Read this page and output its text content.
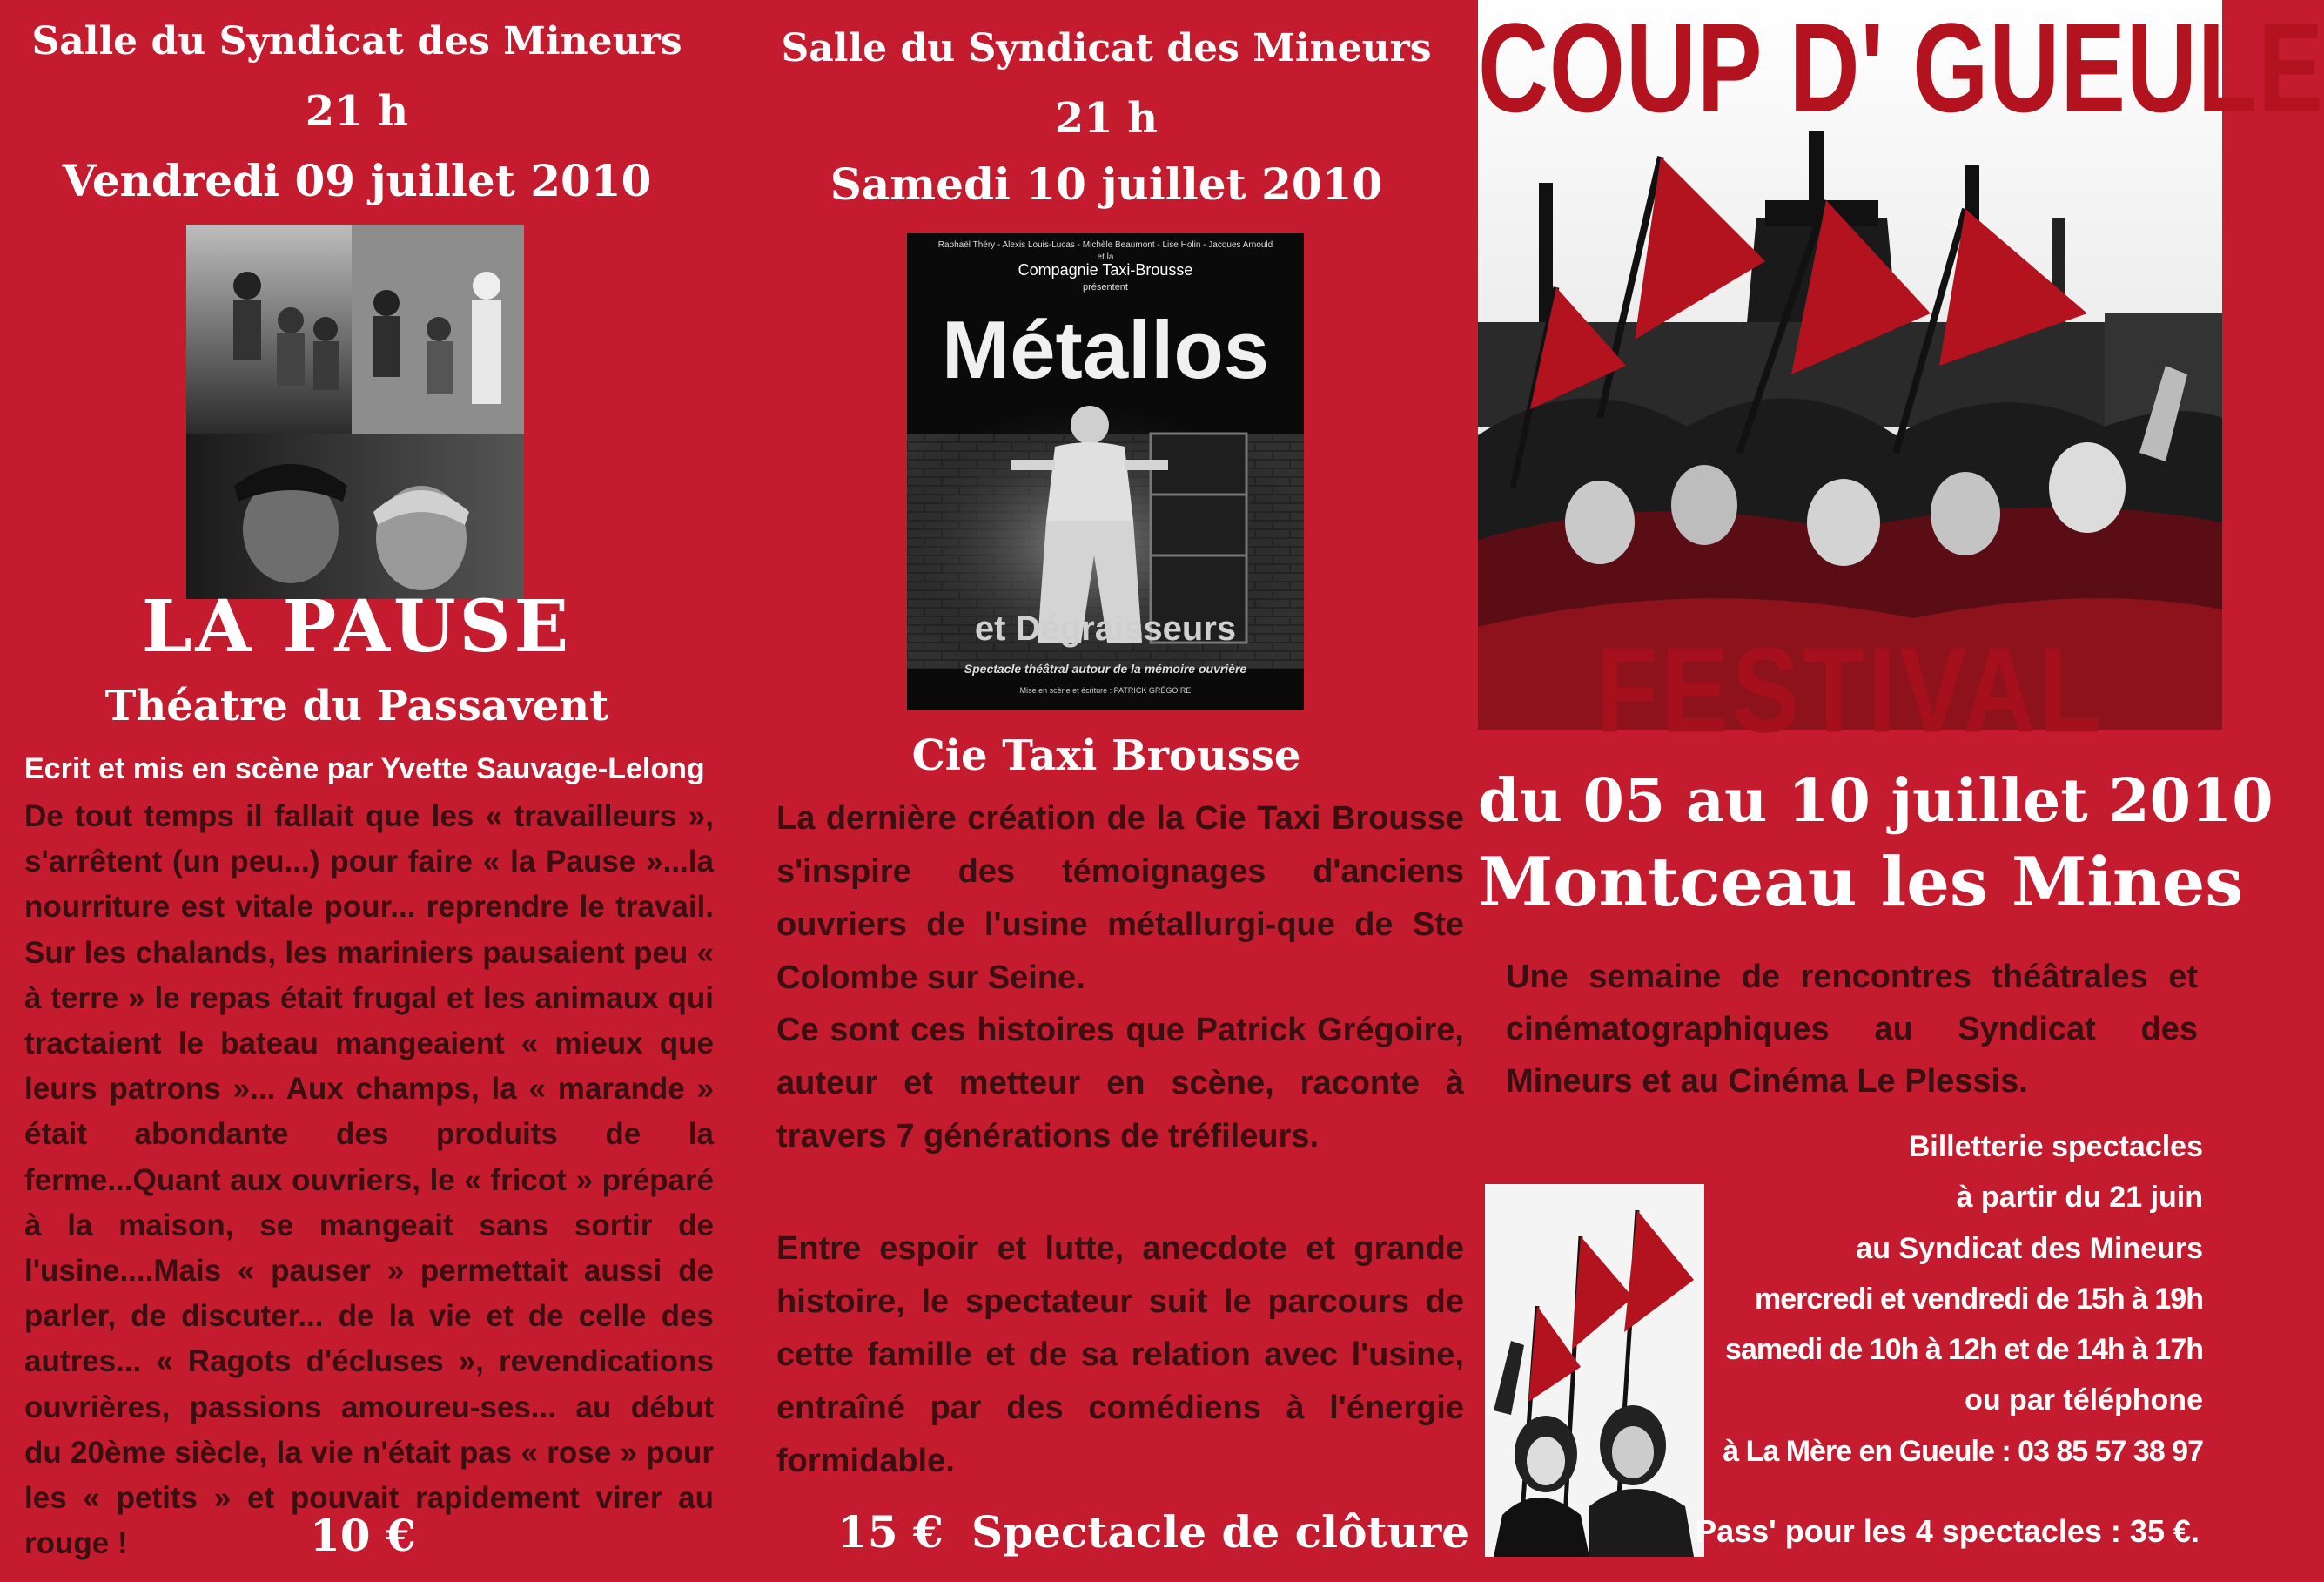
Salle du Syndicat des Mineurs
21 h
Vendredi 09 juillet 2010
LA PAUSE
Théatre du Passavent
Ecrit et mis en scène par Yvette Sauvage-Lelong
De tout temps il fallait que les « travailleurs », s'arrêtent (un peu...) pour faire « la Pause »...la nourriture est vitale pour... reprendre le travail. Sur les chalands, les mariniers pausaient peu « à terre » le repas était frugal et les animaux qui tractaient le bateau mangeaient « mieux que leurs patrons »... Aux champs, la « marande » était abondante des produits de la ferme...Quant aux ouvriers, le « fricot » préparé à la maison, se mangeait sans sortir de l'usine....Mais « pauser » permettait aussi de parler, de discuter... de la vie et de celle des autres... « Ragots d'écluses », revendications ouvrières, passions amoureu-ses... au début du 20ème siècle, la vie n'était pas « rose » pour les « petits » et pouvait rapidement virer au rouge !	10 €
Salle du Syndicat des Mineurs
21 h
Samedi 10 juillet 2010
Raphaël Théry - Alexis Louis-Lucas - Michèle Beaumont - Lise Holin - Jacques Arnould
et la
Compagnie Taxi-Brousse
présentent
Métallos
et Dégraisseurs
Spectacle théâtral autour de la mémoire ouvrière
Mise en scène et écriture : PATRICK GRÉGOIRE
Cie Taxi Brousse
La dernière création de la Cie Taxi Brousse s'inspire des témoignages d'anciens ouvriers de l'usine métallurgi-que de Ste Colombe sur Seine.
Ce sont ces histoires que Patrick Grégoire, auteur et metteur en scène, raconte à travers 7 générations de tréfileurs.
Entre espoir et lutte, anecdote et grande histoire, le spectateur suit le parcours de cette famille et de sa relation avec l'usine, entraîné par des comédiens à l'énergie formidable.
15 € Spectacle de clôture
COUP D' GUEULE
FESTIVAL
du 05 au 10 juillet 2010
Montceau les Mines
Une semaine de rencontres théâtrales et cinématographiques au Syndicat des Mineurs et au Cinéma Le Plessis.
Billetterie spectacles
à partir du 21 juin
au Syndicat des Mineurs
mercredi et vendredi de 15h à 19h
samedi de 10h à 12h et de 14h à 17h
ou par téléphone
à La Mère en Gueule : 03 85 57 38 97
Pass' pour les 4 spectacles : 35 €.
